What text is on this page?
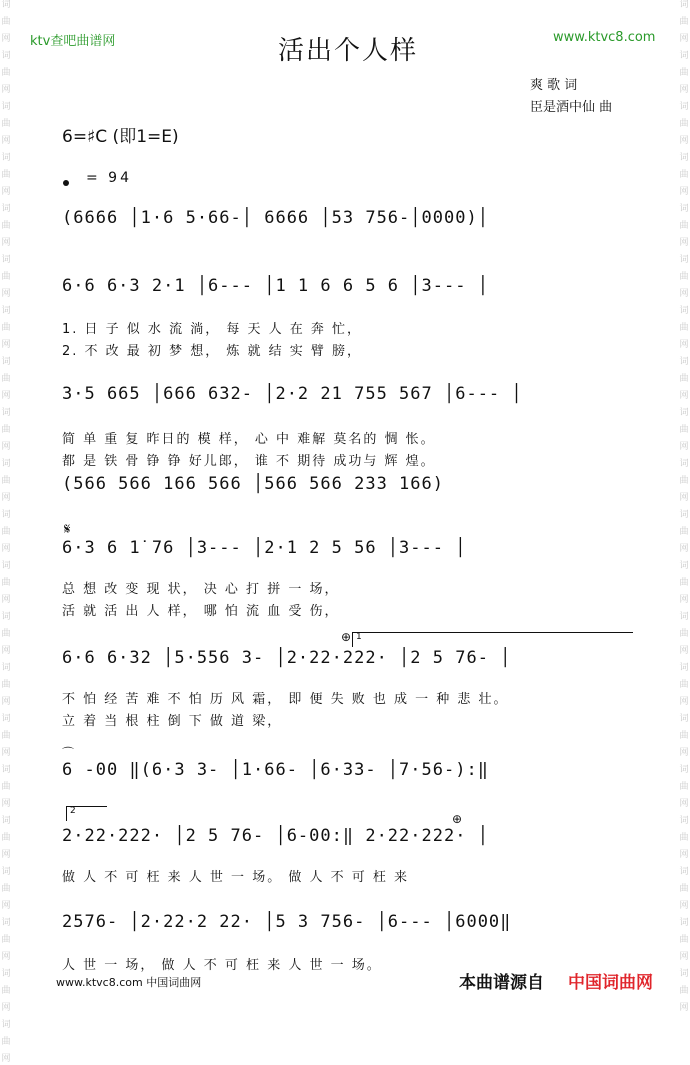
词
曲
网
词
曲
网
词
曲
网
词
曲
网
词
曲
网
词
曲
网
词
曲
网
词
曲
网
词
曲
网
词
曲
网
词
曲
网
词
曲
网
词
曲
网
词
曲
网
词
曲
网
词
曲
网
词
曲
网
词
曲
网
词
曲
网
词
曲
网
词
曲
网
词
曲
网
词
曲
网
词
曲
网
词
曲
网
词
曲
网
词
曲
网
词
曲
网
词
曲
网
词
曲
网
词
曲
网
词
曲
网
词
曲
网
词
曲
网
词
曲
网
词
曲
网
词
曲
网
词
曲
网
词
曲
网
词
曲
网
词
曲
网
ktv查吧曲谱网	www.ktvc8.com
活出个人样
爽 歌 词
臣是酒中仙 曲
6=♯C (即1=E)
= 94
(6666 │1·6 5·66-│ 6666 │53 756-│0000)│
6·6 6·3 2·1 │6--- │1 1 6 6 5 6 │3--- │
3·5 665 │666 632- │2·2 21 755 567 │6--- │
(566 566 166 566 │566 566 233 166)
6·3 6 1̇ 76 │3--- │2·1 2 5 56 │3--- │
6·6 6·32 │5·556 3- │2·22·222· │2 5 76- │
6 -00 ‖(6·3 3- │1·66- │6·33- │7·56-):‖
2·22·222· │2 5 76- │6-00:‖ 2·22·222· │
2576- │2·22·2 22· │5 3 756- │6--- │6000‖
1. 日 子 似 水 流 淌， 每 天 人 在 奔 忙，
2. 不 改 最 初 梦 想， 炼 就 结 实 臂 膀，
简 单 重 复 昨日的 模 样， 心 中 难解 莫名的 惆 怅。
都 是 铁 骨 铮 铮 好儿郎， 谁 不 期待 成功与 辉 煌。
总 想 改 变 现 状， 决 心 打 拼 一 场，
活 就 活 出 人 样， 哪 怕 流 血 受 伤，
不 怕 经 苦 难 不 怕 历 风 霜， 即 便 失 败 也 成 一 种 悲 壮。
立 着 当 根 柱 倒 下 做 道 梁，
做 人 不 可 枉 来 人 世 一 场。 做 人 不 可 枉 来
人 世 一 场， 做 人 不 可 枉 来 人 世 一 场。
𝄋
1
2
⊕
⊕
⌒
www.ktvc8.com 中国词曲网	本曲谱源自 中国词曲网
